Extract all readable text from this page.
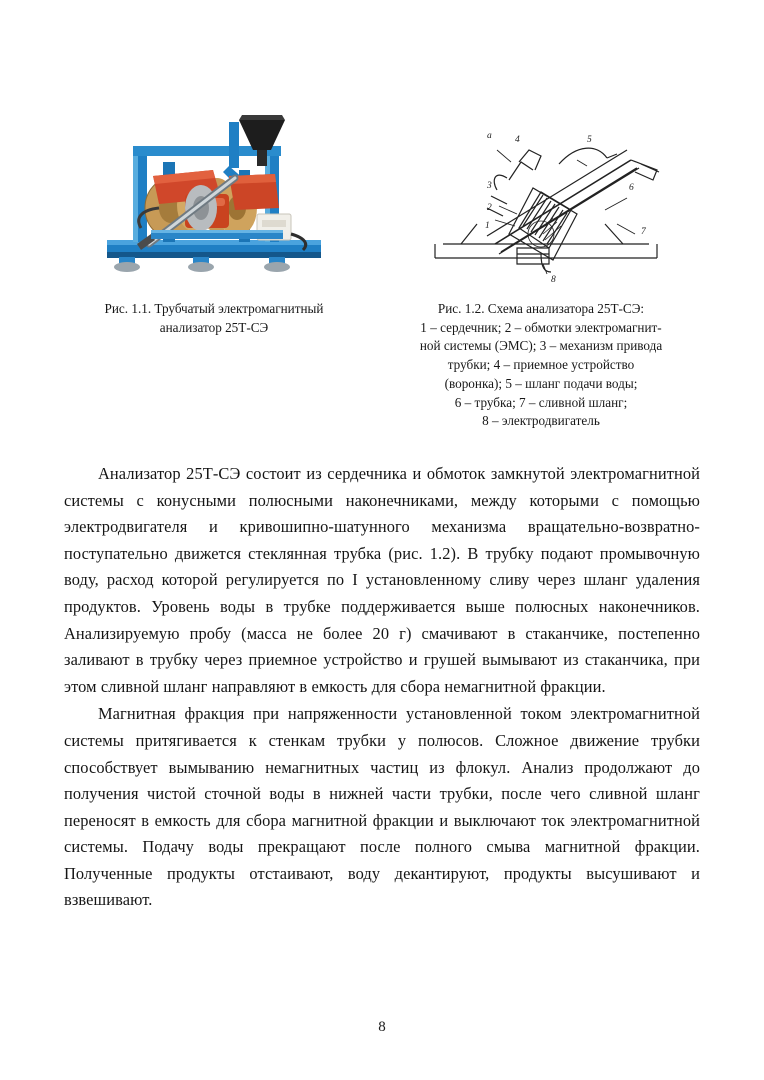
Рис. 1.1. Трубчатый электромагнитный
анализатор 25Т-СЭ
а 4	5
3	6
2
1
7
8
Рис. 1.2. Схема анализатора 25Т-СЭ:
1 – сердечник; 2 – обмотки электромагнит-
ной системы (ЭМС); 3 – механизм привода
трубки; 4 – приемное устройство
(воронка); 5 – шланг подачи воды;
6 – трубка; 7 – сливной шланг;
8 – электродвигатель

Анализатор 25Т-СЭ состоит из сердечника и обмоток замкнутой электромагнитной системы с конусными полюсными наконечниками, между которыми с помощью электродвигателя и кривошипно-шатунного механизма вращательно-возвратно-поступательно движется стеклянная трубка (рис. 1.2). В трубку подают промывочную воду, расход которой регулируется по I установленному сливу через шланг удаления продуктов. Уровень воды в трубке поддерживается выше полюсных наконечников. Анализируемую пробу (масса не более 20 г) смачивают в стаканчике, постепенно заливают в трубку через приемное устройство и грушей вымывают из стаканчика, при этом сливной шланг направляют в емкость для сбора немагнитной фракции.

Магнитная фракция при напряженности установленной током электромагнитной системы притягивается к стенкам трубки у полюсов. Сложное движение трубки способствует вымыванию немагнитных частиц из флокул. Анализ продолжают до получения чистой сточной воды в нижней части трубки, после чего сливной шланг переносят в емкость для сбора магнитной фракции и выключают ток электромагнитной системы. Подачу воды прекращают после полного смыва магнитной фракции. Полученные продукты отстаивают, воду декантируют, продукты высушивают и взвешивают.

8
